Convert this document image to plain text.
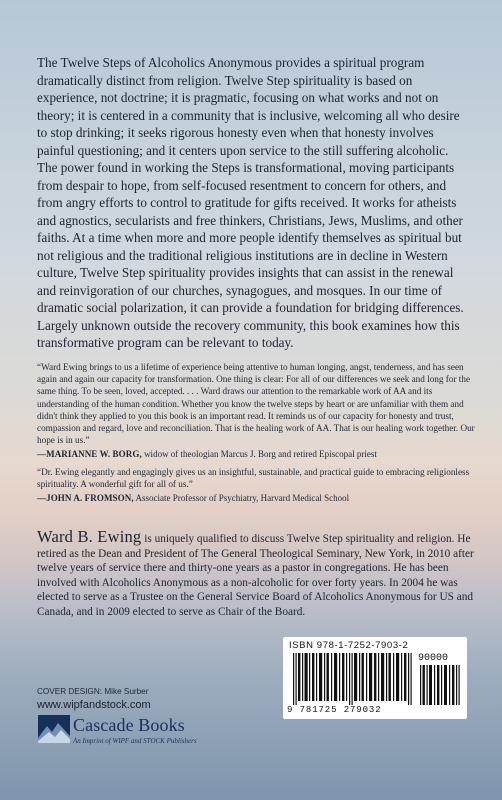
The Twelve Steps of Alcoholics Anonymous provides a spiritual program dramatically distinct from religion. Twelve Step spirituality is based on experience, not doctrine; it is pragmatic, focusing on what works and not on theory; it is centered in a community that is inclusive, welcoming all who desire to stop drinking; it seeks rigorous honesty even when that honesty involves painful questioning; and it centers upon service to the still suffering alcoholic. The power found in working the Steps is transformational, moving participants from despair to hope, from self-focused resentment to concern for others, and from angry efforts to control to gratitude for gifts received. It works for atheists and agnostics, secularists and free thinkers, Christians, Jews, Muslims, and other faiths. At a time when more and more people identify themselves as spiritual but not religious and the traditional religious institutions are in decline in Western culture, Twelve Step spirituality provides insights that can assist in the renewal and reinvigoration of our churches, synagogues, and mosques. In our time of dramatic social polarization, it can provide a foundation for bridging differences. Largely unknown outside the recovery community, this book examines how this transformative program can be relevant to today.
“Ward Ewing brings to us a lifetime of experience being attentive to human longing, angst, tenderness, and has seen again and again our capacity for transformation. One thing is clear: For all of our differences we seek and long for the same thing. To be seen, loved, accepted. . . . Ward draws our attention to the remarkable work of AA and its understanding of the human condition. Whether you know the twelve steps by heart or are unfamiliar with them and didn't think they applied to you this book is an important read. It reminds us of our capacity for honesty and trust, compassion and regard, love and reconciliation. That is the healing work of AA. That is our healing work together. Our hope is in us.”
—MARIANNE W. BORG, widow of theologian Marcus J. Borg and retired Episcopal priest
“Dr. Ewing elegantly and engagingly gives us an insightful, sustainable, and practical guide to embracing religionless spirituality. A wonderful gift for all of us.”
—JOHN A. FROMSON, Associate Professor of Psychiatry, Harvard Medical School
Ward B. Ewing is uniquely qualified to discuss Twelve Step spirituality and religion. He retired as the Dean and President of The General Theological Seminary, New York, in 2010 after twelve years of service there and thirty-one years as a pastor in congregations. He has been involved with Alcoholics Anonymous as a non-alcoholic for over forty years. In 2004 he was elected to serve as a Trustee on the General Service Board of Alcoholics Anonymous for US and Canada, and in 2009 elected to serve as Chair of the Board.
COVER DESIGN: Mike Surber
www.wipfandstock.com
Cascade Books
An Imprint of WIPF and STOCK Publishers
ISBN 978-1-7252-7903-2
90000
9 781725 279032
